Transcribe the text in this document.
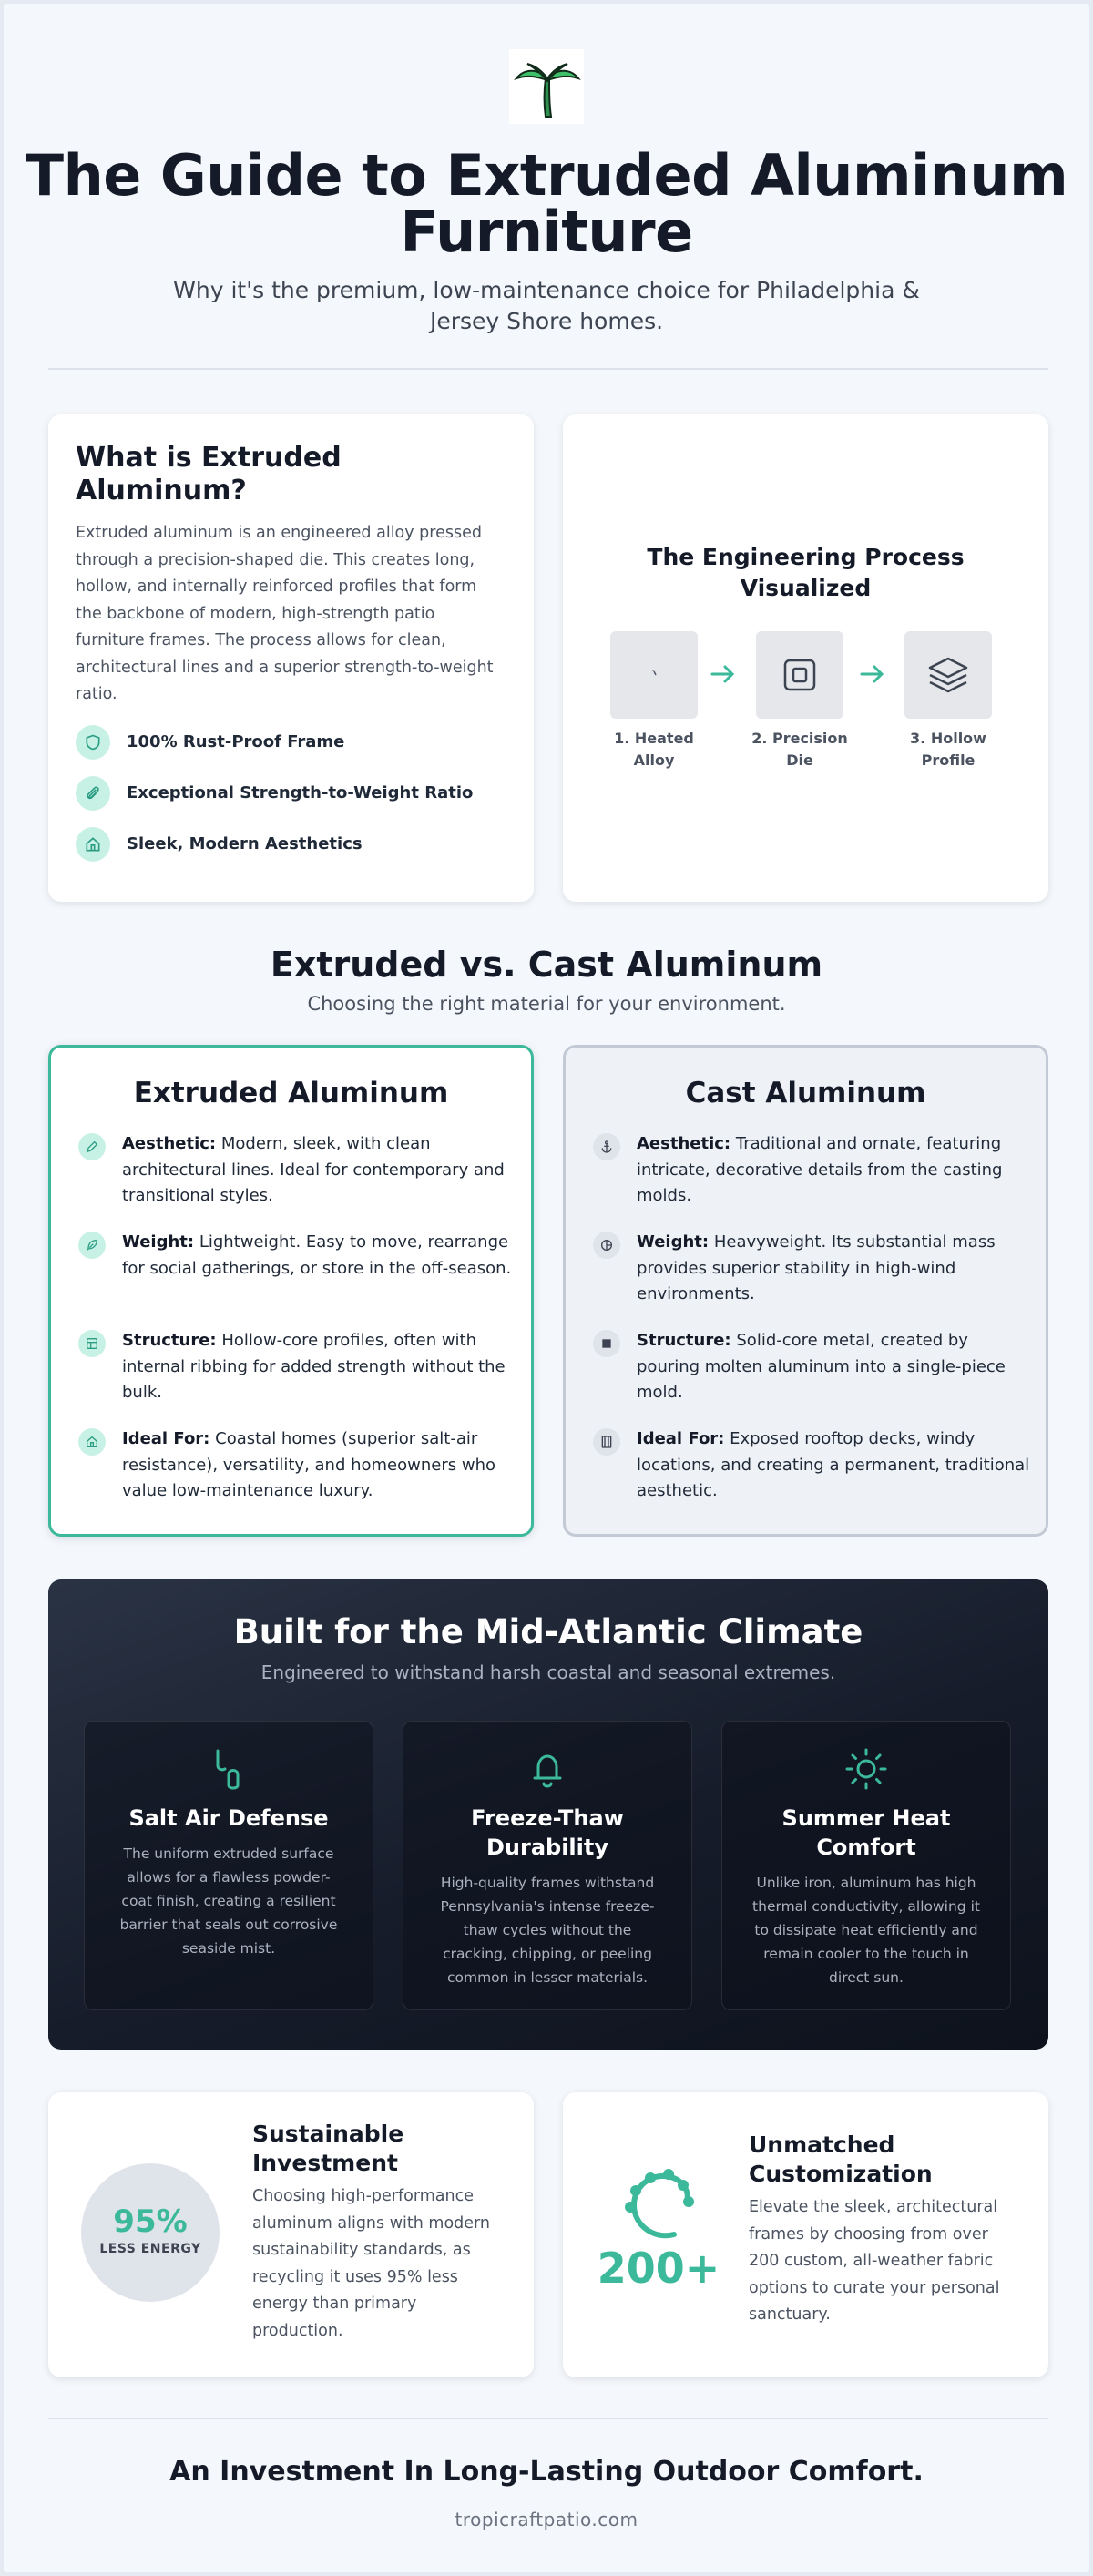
The Guide to Extruded Aluminum Furniture
Why it's the premium, low-maintenance choice for Philadelphia & Jersey Shore homes.
What is Extruded Aluminum?

Extruded aluminum is an engineered alloy pressed through a precision-shaped die. This creates long, hollow, and internally reinforced profiles that form the backbone of modern, high-strength patio furniture frames. The process allows for clean, architectural lines and a superior strength-to-weight ratio.

100% Rust-Proof Frame
Exceptional Strength-to-Weight Ratio
Sleek, Modern Aesthetics
The Engineering Process Visualized
1. Heated Alloy
2. Precision Die
3. Hollow Profile
Extruded vs. Cast Aluminum
Choosing the right material for your environment.
Extruded Aluminum
Aesthetic: Modern, sleek, with clean architectural lines. Ideal for contemporary and transitional styles.
Weight: Lightweight. Easy to move, rearrange for social gatherings, or store in the off-season.
Structure: Hollow-core profiles, often with internal ribbing for added strength without the bulk.
Ideal For: Coastal homes (superior salt-air resistance), versatility, and homeowners who value low-maintenance luxury.
Cast Aluminum
Aesthetic: Traditional and ornate, featuring intricate, decorative details from the casting molds.
Weight: Heavyweight. Its substantial mass provides superior stability in high-wind environments.
Structure: Solid-core metal, created by pouring molten aluminum into a single-piece mold.
Ideal For: Exposed rooftop decks, windy locations, and creating a permanent, traditional aesthetic.
Built for the Mid-Atlantic Climate
Engineered to withstand harsh coastal and seasonal extremes.
Salt Air Defense

The uniform extruded surface allows for a flawless powder-coat finish, creating a resilient barrier that seals out corrosive seaside mist.

Freeze-Thaw Durability

High-quality frames withstand Pennsylvania's intense freeze-thaw cycles without the cracking, chipping, or peeling common in lesser materials.

Summer Heat Comfort

Unlike iron, aluminum has high thermal conductivity, allowing it to dissipate heat efficiently and remain cooler to the touch in direct sun.

95%
LESS ENERGY
Sustainable Investment

Choosing high-performance aluminum aligns with modern sustainability standards, as recycling it uses 95% less energy than primary production.

200+
Unmatched Customization

Elevate the sleek, architectural frames by choosing from over 200 custom, all-weather fabric options to curate your personal sanctuary.

An Investment In Long-Lasting Outdoor Comfort.
tropicraftpatio.com
